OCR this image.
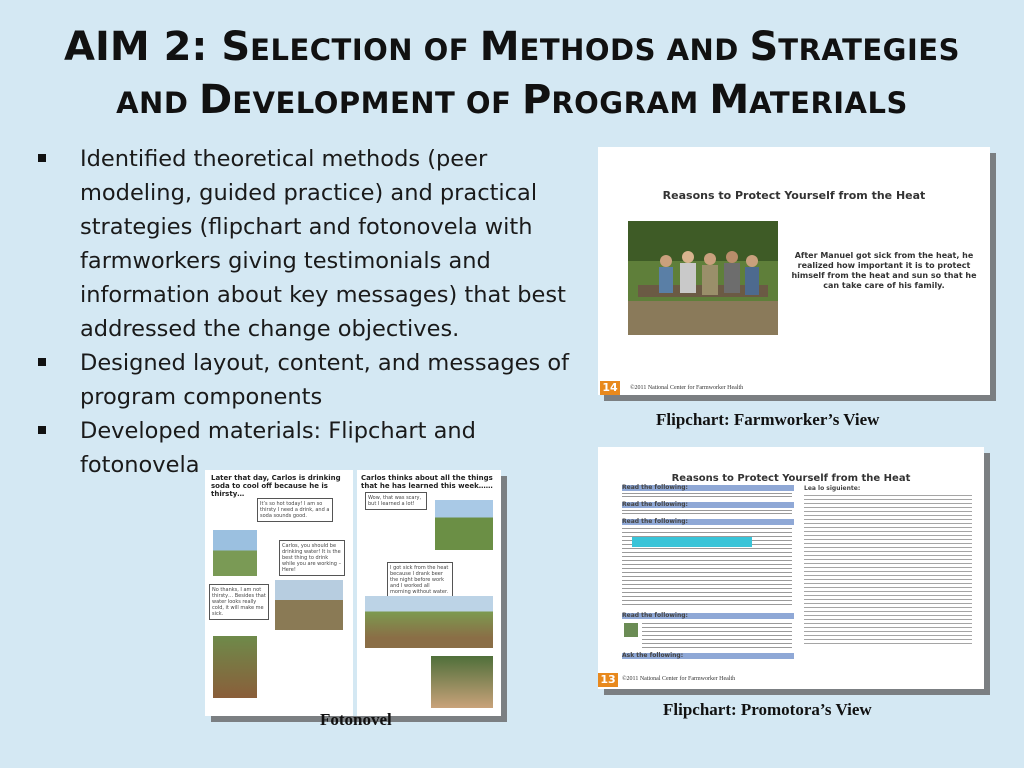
AIM 2: SELECTION OF METHODS AND STRATEGIES
AND DEVELOPMENT OF PROGRAM MATERIALS
Identified theoretical methods (peer modeling, guided practice) and practical strategies (flipchart and fotonovela with farmworkers giving testimonials and information about key messages) that best addressed the change objectives.
Designed layout, content, and messages of program components
Developed materials: Flipchart and fotonovela
Reasons to Protect Yourself from the Heat
After Manuel got sick from the heat, he realized how important it is to protect himself from the heat and sun so that he can take care of his family.
14	©2011 National Center for Farmworker Health
Flipchart: Farmworker’s View
Reasons to Protect Yourself from the Heat
Read the following:
Read the following:
Read the following:
Read the following:
Ask the following:
Lea lo siguiente:
13	©2011 National Center for Farmworker Health
Flipchart: Promotora’s View
Later that day, Carlos is drinking soda to cool off because he is thirsty…
Carlos thinks about all the things that he has learned this week……
It’s so hot today! I am so thirsty I need a drink, and a soda sounds good.
Carlos, you should be drinking water! It is the best thing to drink while you are working – Here!
No thanks, I am not thirsty… Besides that water looks really cold, it will make me sick.
Wow, that was scary, but I learned a lot!
I got sick from the heat because I drank beer the night before work and I worked all morning without water.
Fotonovel
